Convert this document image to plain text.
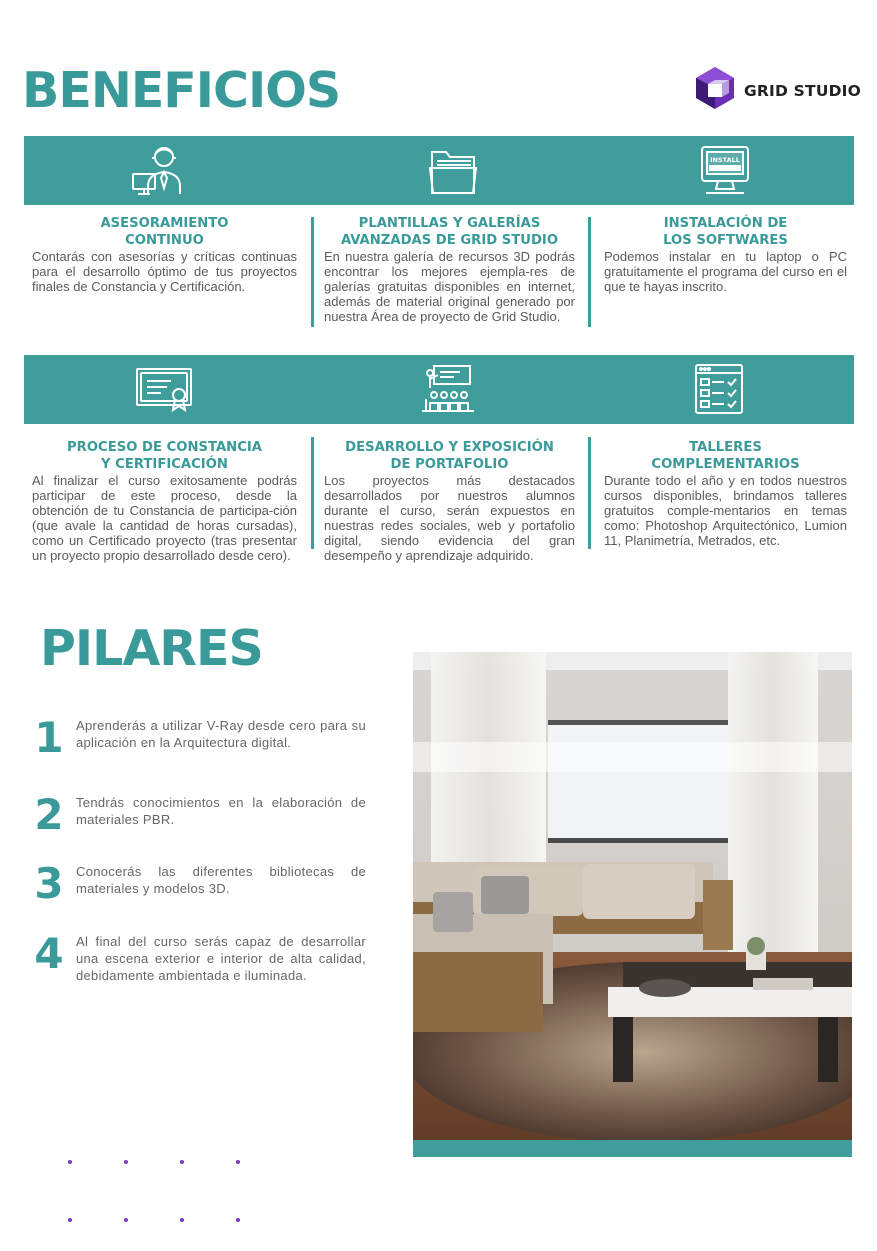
BENEFICIOS	GRID STUDIO
INSTALL
ASESORAMIENTO
CONTINUO
Contarás con asesorías y críticas continuas para el desarrollo óptimo de tus proyectos finales de Constancia y Certificación.
PLANTILLAS Y GALERÍAS
AVANZADAS DE GRID STUDIO
En nuestra galería de recursos 3D podrás encontrar los mejores ejempla-res de galerías gratuitas disponibles en internet, además de material original generado por nuestra Área de proyecto de Grid Studio.
INSTALACIÓN DE
LOS SOFTWARES
Podemos instalar en tu laptop o PC gratuitamente el programa del curso en el que te hayas inscrito.
PROCESO DE CONSTANCIA
Y CERTIFICACIÓN
Al finalizar el curso exitosamente podrás participar de este proceso, desde la obtención de tu Constancia de participa-ción (que avale la cantidad de horas cursadas), como un Certificado proyecto (tras presentar un proyecto propio desarrollado desde cero).
DESARROLLO Y EXPOSICIÓN
DE PORTAFOLIO
Los proyectos más destacados desarrollados por nuestros alumnos durante el curso, serán expuestos en nuestras redes sociales, web y portafolio digital, siendo evidencia del gran desempeño y aprendizaje adquirido.
TALLERES
COMPLEMENTARIOS
Durante todo el año y en todos nuestros cursos disponibles, brindamos talleres gratuitos comple-mentarios en temas como: Photoshop Arquitectónico, Lumion 11, Planimetría, Metrados, etc.
PILARES
1 Aprenderás a utilizar V-Ray desde cero para su aplicación en la Arquitectura digital.
2 Tendrás conocimientos en la elaboración de materiales PBR.
3 Conocerás las diferentes bibliotecas de materiales y modelos 3D.
4 Al final del curso serás capaz de desarrollar una escena exterior e interior de alta calidad, debidamente ambientada e iluminada.
